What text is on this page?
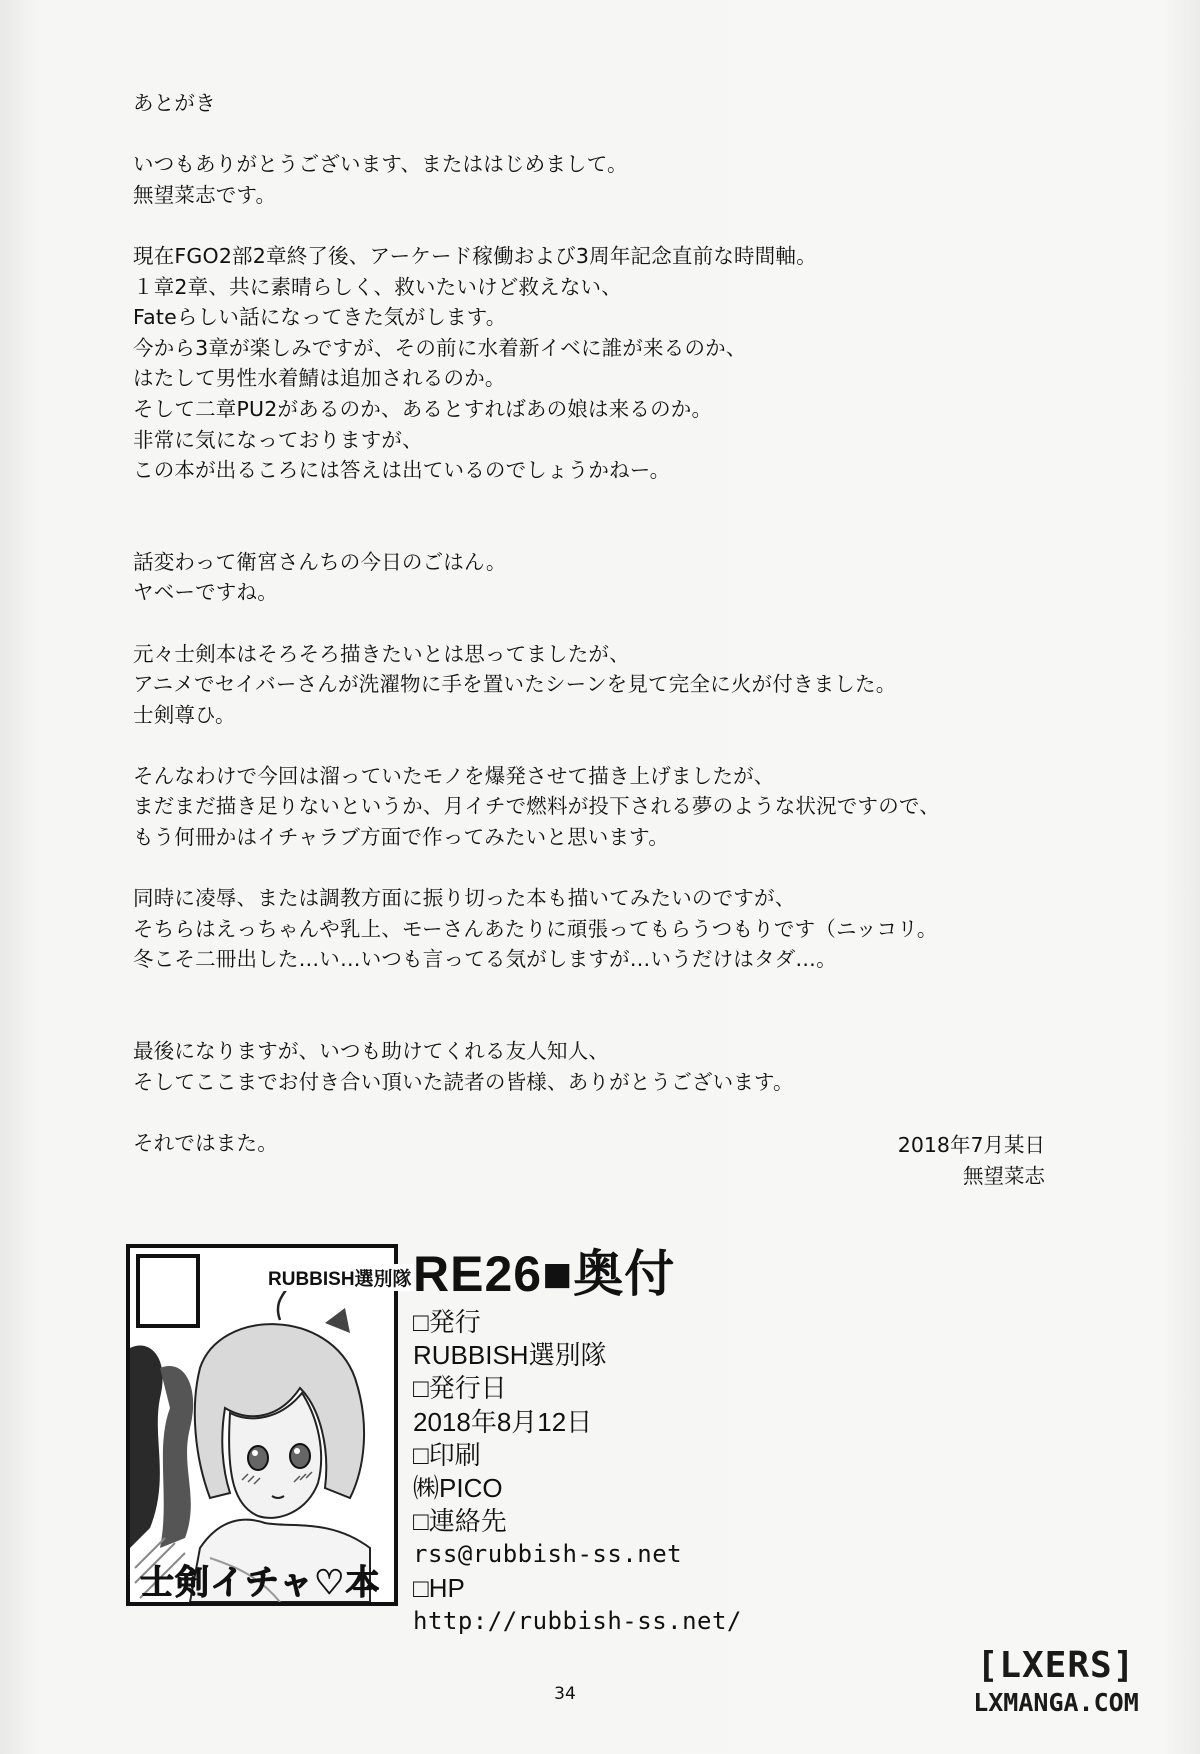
あとがき

いつもありがとうございます、またははじめまして。

無望菜志です。

現在FGO2部2章終了後、アーケード稼働および3周年記念直前な時間軸。

１章2章、共に素晴らしく、救いたいけど救えない、

Fateらしい話になってきた気がします。

今から3章が楽しみですが、その前に水着新イベに誰が来るのか、

はたして男性水着鯖は追加されるのか。

そして二章PU2があるのか、あるとすればあの娘は来るのか。

非常に気になっておりますが、

この本が出るころには答えは出ているのでしょうかねー。

話変わって衛宮さんちの今日のごはん。

ヤベーですね。

元々士剣本はそろそろ描きたいとは思ってましたが、

アニメでセイバーさんが洗濯物に手を置いたシーンを見て完全に火が付きました。

士剣尊ひ。

そんなわけで今回は溜っていたモノを爆発させて描き上げましたが、

まだまだ描き足りないというか、月イチで燃料が投下される夢のような状況ですので、

もう何冊かはイチャラブ方面で作ってみたいと思います。

同時に凌辱、または調教方面に振り切った本も描いてみたいのですが、

そちらはえっちゃんや乳上、モーさんあたりに頑張ってもらうつもりです（ニッコリ。

冬こそ二冊出した…い…いつも言ってる気がしますが…いうだけはタダ…。

最後になりますが、いつも助けてくれる友人知人、

そしてここまでお付き合い頂いた読者の皆様、ありがとうございます。

それではまた。	2018年7月某日
無望菜志
RUBBISH選別隊
士剣イチャ♡本
RE26■奥付
□発行
RUBBISH選別隊
□発行日
2018年8月12日
□印刷
㈱PICO
□連絡先
rss@rubbish-ss.net
□HP
http://rubbish-ss.net/
34
[LXERS]
LXMANGA.COM
